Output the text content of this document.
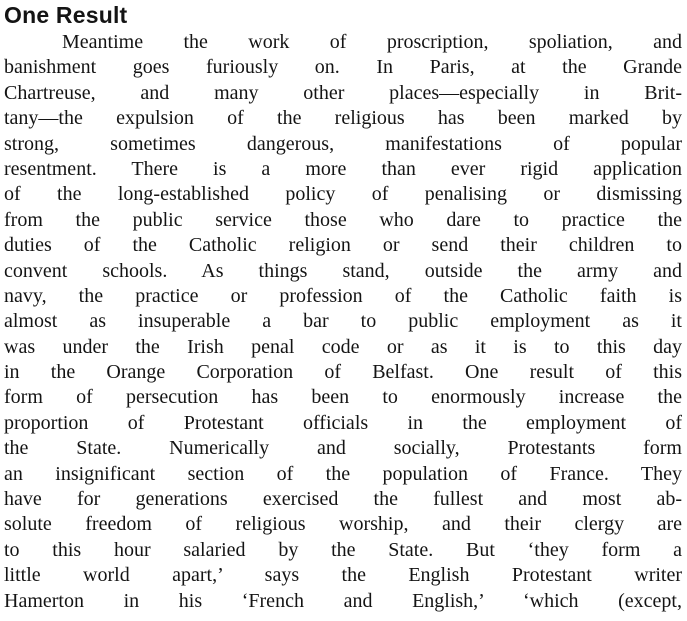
One Result
Meantime the work of proscription, spoliation, and
banishment goes furiously on. In Paris, at the Grande
Chartreuse, and many other places—especially in Brit-
tany—the expulsion of the religious has been marked by
strong, sometimes dangerous, manifestations of popular
resentment. There is a more than ever rigid application
of the long-established policy of penalising or dismissing
from the public service those who dare to practice the
duties of the Catholic religion or send their children to
convent schools. As things stand, outside the army and
navy, the practice or profession of the Catholic faith is
almost as insuperable a bar to public employment as it
was under the Irish penal code or as it is to this day
in the Orange Corporation of Belfast. One result of this
form of persecution has been to enormously increase the
proportion of Protestant officials in the employment of
the State. Numerically and socially, Protestants form
an insignificant section of the population of France. They
have for generations exercised the fullest and most ab-
solute freedom of religious worship, and their clergy are
to this hour salaried by the State. But ‘they form a
little world apart,’ says the English Protestant writer
Hamerton in his ‘French and English,’ ‘which (except,
